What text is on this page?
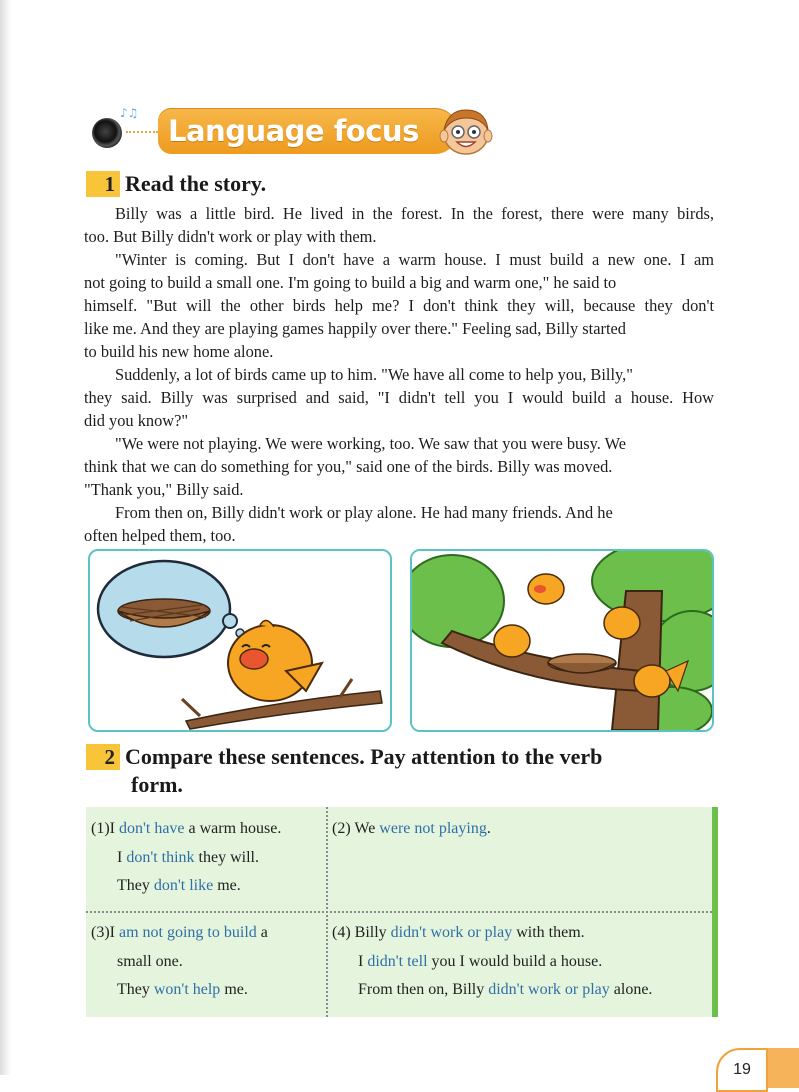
♪♫
Language focus
1 Read the story.
Billy was a little bird. He lived in the forest. In the forest, there were many birds,
too. But Billy didn't work or play with them.
"Winter is coming. But I don't have a warm house. I must build a new one. I am
not going to build a small one. I'm going to build a big and warm one," he said to
himself. "But will the other birds help me? I don't think they will, because they don't
like me. And they are playing games happily over there." Feeling sad, Billy started
to build his new home alone.
Suddenly, a lot of birds came up to him. "We have all come to help you, Billy,"
they said. Billy was surprised and said, "I didn't tell you I would build a house. How
did you know?"
"We were not playing. We were working, too. We saw that you were busy. We
think that we can do something for you," said one of the birds. Billy was moved.
"Thank you," Billy said.
From then on, Billy didn't work or play alone. He had many friends. And he
often helped them, too.
2 Compare these sentences. Pay attention to the verb
form.
(1)I don't have a warm house.
I don't think they will.
They don't like me.
(2) We were not playing.
(3)I am not going to build a
small one.
They won't help me.
(4) Billy didn't work or play with them.
I didn't tell you I would build a house.
From then on, Billy didn't work or play alone.
19
